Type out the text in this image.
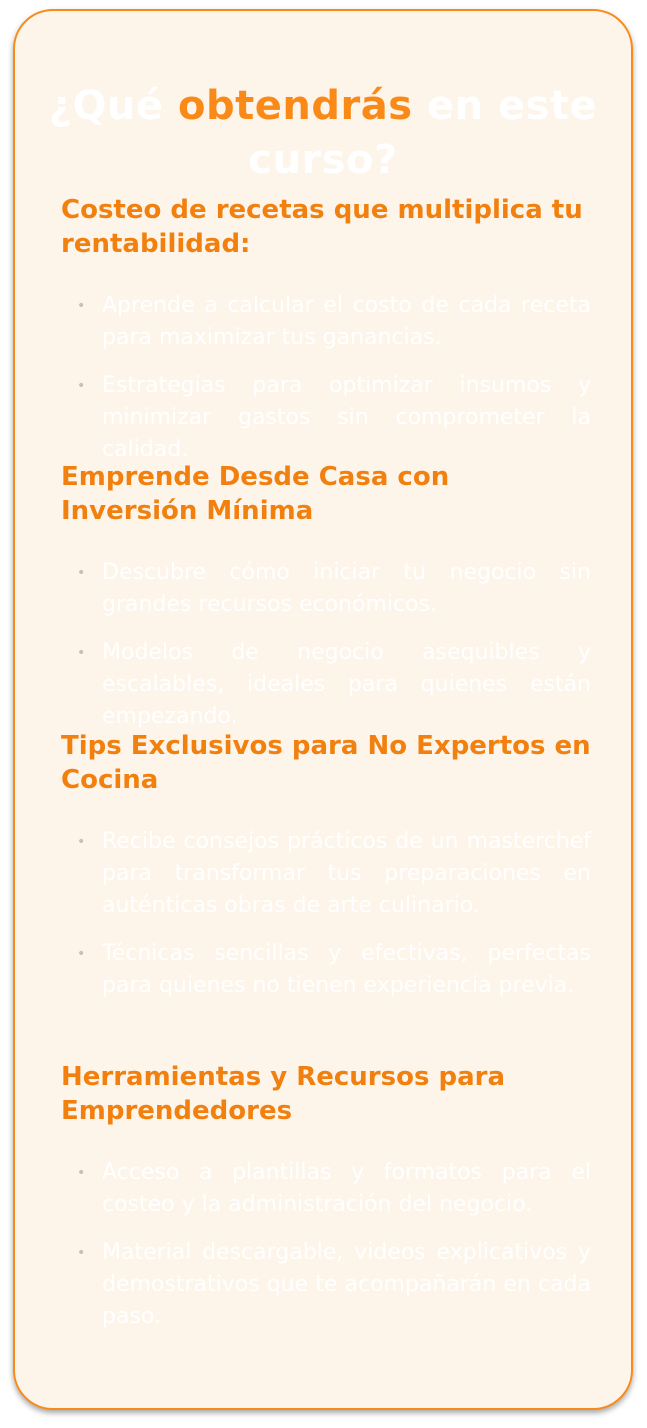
¿Qué obtendrás en este curso?
Costeo de recetas que multiplica tu rentabilidad:
• Aprende a calcular el costo de cada receta para maximizar tus ganancias.
• Estrategias para optimizar insumos y minimizar gastos sin comprometer la calidad.
Emprende Desde Casa con Inversión Mínima
• Descubre cómo iniciar tu negocio sin grandes recursos económicos.
• Modelos de negocio asequibles y escalables, ideales para quienes están empezando.
Tips Exclusivos para No Expertos en Cocina
• Recibe consejos prácticos de un masterchef para transformar tus preparaciones en auténticas obras de arte culinario.
• Técnicas sencillas y efectivas, perfectas para quienes no tienen experiencia previa.
Herramientas y Recursos para Emprendedores
• Acceso a plantillas y formatos para el costeo y la administración del negocio.
• Material descargable, videos explicativos y demostrativos que te acompañarán en cada paso.
